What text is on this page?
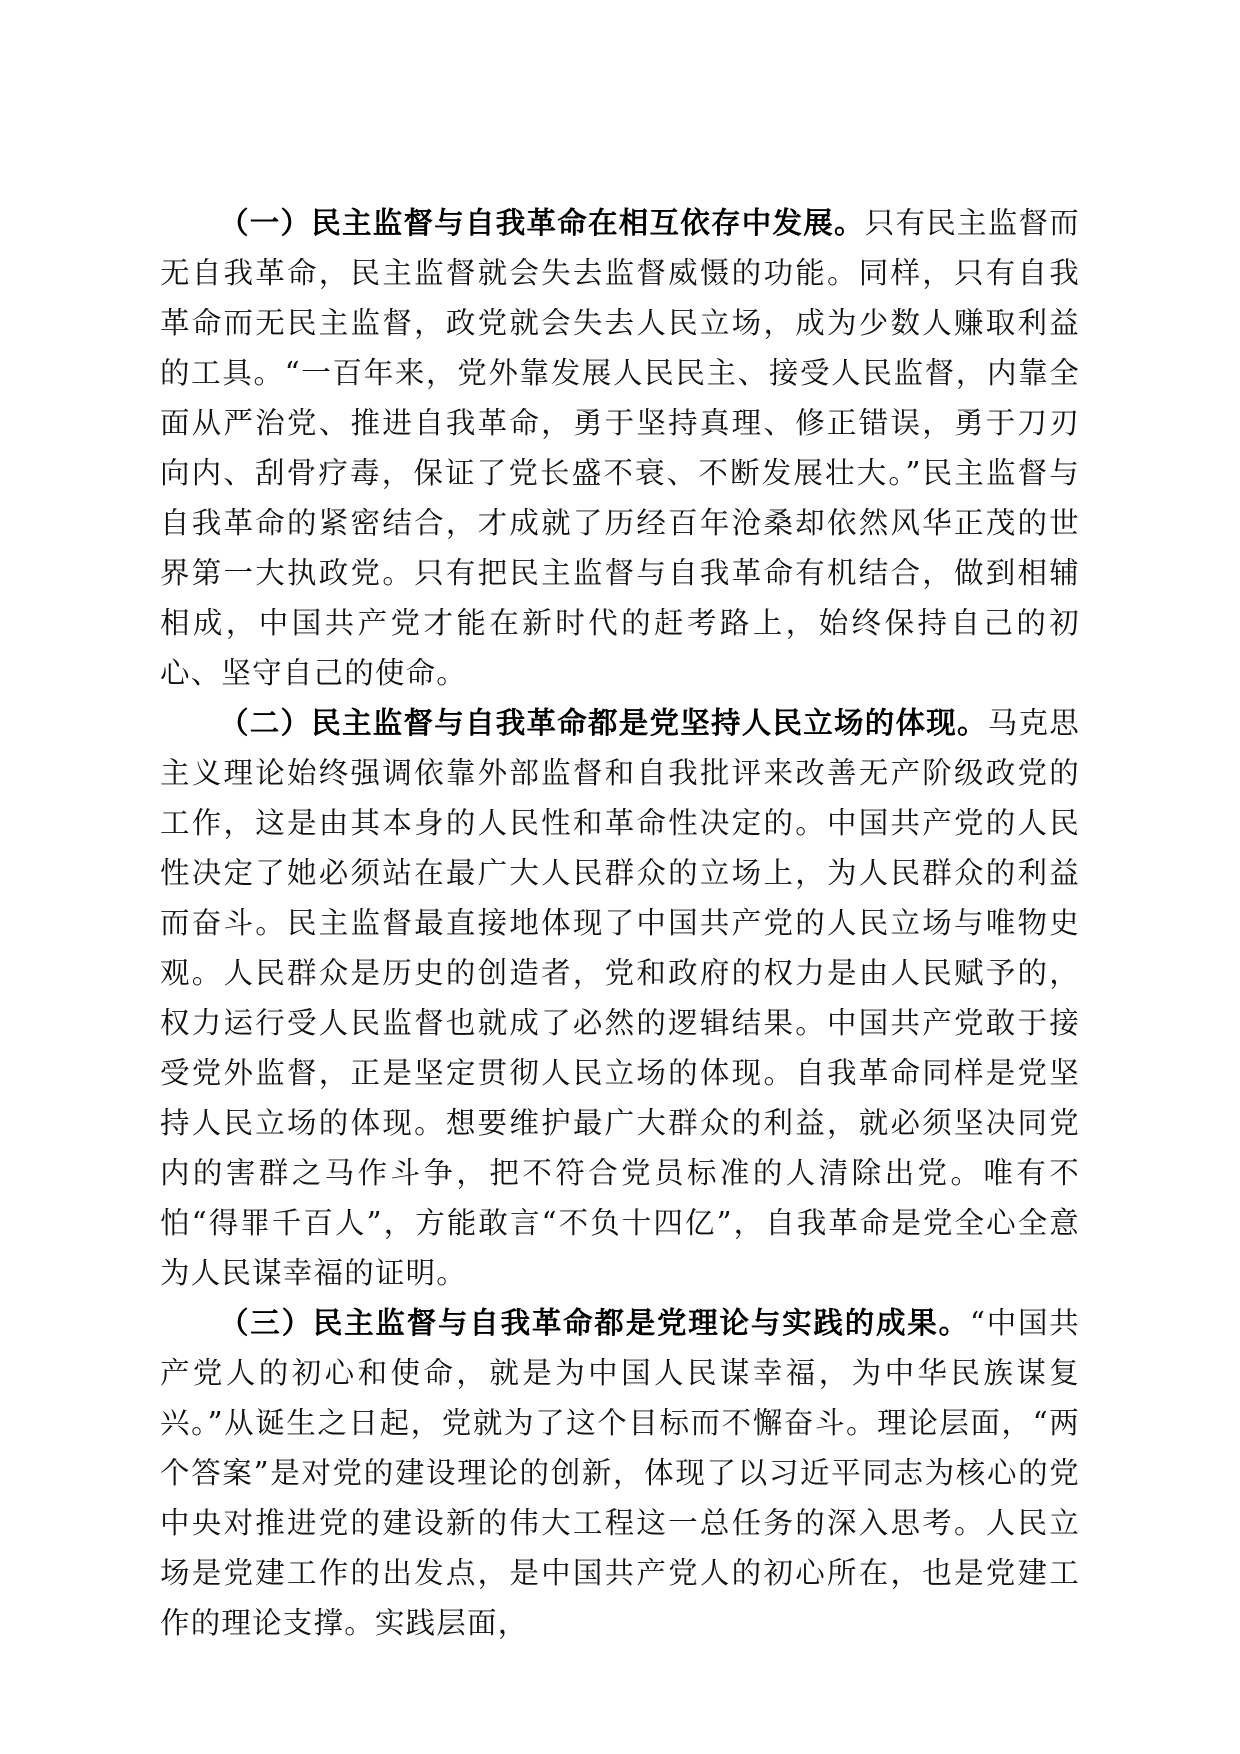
（一）民主监督与自我革命在相互依存中发展。只有民主监督而无自我革命，民主监督就会失去监督威慑的功能。同样，只有自我革命而无民主监督，政党就会失去人民立场，成为少数人赚取利益的工具。“一百年来，党外靠发展人民民主、接受人民监督，内靠全面从严治党、推进自我革命，勇于坚持真理、修正错误，勇于刀刃向内、刮骨疗毒，保证了党长盛不衰、不断发展壮大。”民主监督与自我革命的紧密结合，才成就了历经百年沧桑却依然风华正茂的世界第一大执政党。只有把民主监督与自我革命有机结合，做到相辅相成，中国共产党才能在新时代的赶考路上，始终保持自己的初心、坚守自己的使命。

（二）民主监督与自我革命都是党坚持人民立场的体现。马克思主义理论始终强调依靠外部监督和自我批评来改善无产阶级政党的工作，这是由其本身的人民性和革命性决定的。中国共产党的人民性决定了她必须站在最广大人民群众的立场上，为人民群众的利益而奋斗。民主监督最直接地体现了中国共产党的人民立场与唯物史观。人民群众是历史的创造者，党和政府的权力是由人民赋予的，权力运行受人民监督也就成了必然的逻辑结果。中国共产党敢于接受党外监督，正是坚定贯彻人民立场的体现。自我革命同样是党坚持人民立场的体现。想要维护最广大群众的利益，就必须坚决同党内的害群之马作斗争，把不符合党员标准的人清除出党。唯有不怕“得罪千百人”，方能敢言“不负十四亿”，自我革命是党全心全意为人民谋幸福的证明。

（三）民主监督与自我革命都是党理论与实践的成果。“中国共产党人的初心和使命，就是为中国人民谋幸福，为中华民族谋复兴。”从诞生之日起，党就为了这个目标而不懈奋斗。理论层面，“两个答案”是对党的建设理论的创新，体现了以习近平同志为核心的党中央对推进党的建设新的伟大工程这一总任务的深入思考。人民立场是党建工作的出发点，是中国共产党人的初心所在，也是党建工作的理论支撑。实践层面，
